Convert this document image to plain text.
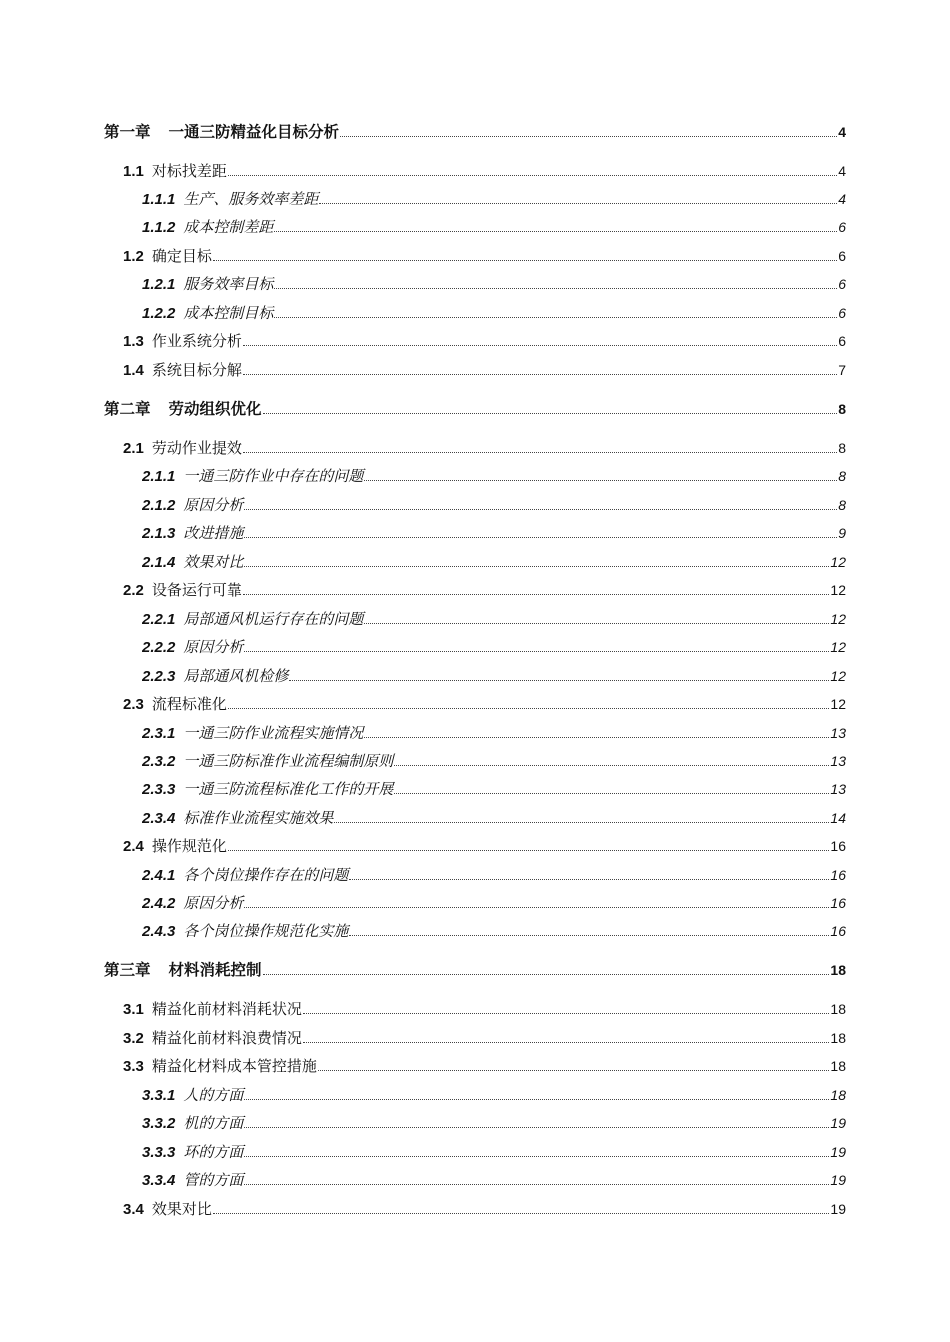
第一章 一通三防精益化目标分析	4
1.1 对标找差距	4
1.1.1 生产、服务效率差距	4
1.1.2 成本控制差距	6
1.2 确定目标	6
1.2.1 服务效率目标	6
1.2.2 成本控制目标	6
1.3 作业系统分析	6
1.4 系统目标分解	7
第二章 劳动组织优化	8
2.1 劳动作业提效	8
2.1.1 一通三防作业中存在的问题	8
2.1.2 原因分析	8
2.1.3 改进措施	9
2.1.4 效果对比	12
2.2 设备运行可靠	12
2.2.1 局部通风机运行存在的问题	12
2.2.2 原因分析	12
2.2.3 局部通风机检修	12
2.3 流程标准化	12
2.3.1 一通三防作业流程实施情况	13
2.3.2 一通三防标准作业流程编制原则	13
2.3.3 一通三防流程标准化工作的开展	13
2.3.4 标准作业流程实施效果	14
2.4 操作规范化	16
2.4.1 各个岗位操作存在的问题	16
2.4.2 原因分析	16
2.4.3 各个岗位操作规范化实施	16
第三章 材料消耗控制	18
3.1 精益化前材料消耗状况	18
3.2 精益化前材料浪费情况	18
3.3 精益化材料成本管控措施	18
3.3.1 人的方面	18
3.3.2 机的方面	19
3.3.3 环的方面	19
3.3.4 管的方面	19
3.4 效果对比	19
